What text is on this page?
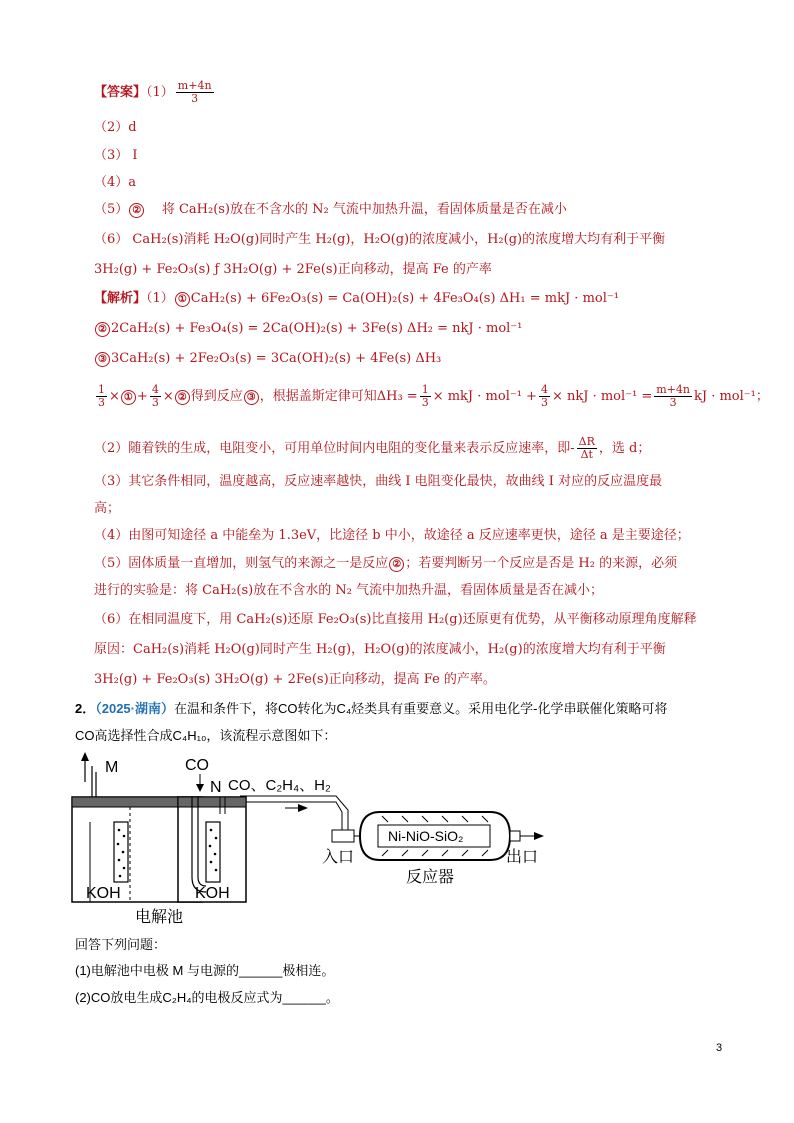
【答案】$(1) \frac{m+4n}{3}$
（2）d
（3） I
（4）a
（5） ② 将 CaH₂(s)放在不含水的 N₂ 气流中加热升温，看固体质量是否在减小
（6） CaH₂(s)消耗 H₂O(g)同时产生 H₂(g)，H₂O(g)的浓度减小，H₂(g)的浓度增大均有利于平衡
3H₂(g) + Fe₂O₃(s) ƒ 3H₂O(g) + 2Fe(s)正向移动，提高 Fe 的产率
【解析】（1） ① CaH₂(s) + 6Fe₂O₃(s) = Ca(OH)₂(s) + 4Fe₃O₄(s) ΔH₁ = mkJ · mol⁻¹
② 2CaH₂(s) + Fe₃O₄(s) = 2Ca(OH)₂(s) + 3Fe(s) ΔH₂ = nkJ · mol⁻¹
③ 3CaH₂(s) + 2Fe₂O₃(s) = 3Ca(OH)₂(s) + 4Fe(s) ΔH₃
$\frac{1}{3}$ × ① + $\frac{4}{3}$ × ② 得到反应 ③ ，根据盖斯定律可知$\Delta H_3 = \frac{1}{3}$ × mkJ · $mol^{-1} + \frac{4}{3}$ × nkJ · $mol^{-1} = \frac{m+4n}{3}$ kJ · mol⁻¹；
（2）随着铁的生成，电阻变小，可用单位时间内电阻的变化量来表示反应速率，即- $\frac{\Delta R}{\Delta t}$ ，选 d；
（3）其它条件相同，温度越高，反应速率越快，曲线 I 电阻变化最快，故曲线 I 对应的反应温度最
高；
（4）由图可知途径 a 中能垒为 1.3eV，比途径 b 中小，故途径 a 反应速率更快，途径 a 是主要途径；
（5）固体质量一直增加，则氢气的来源之一是反应 ② ；若要判断另一个反应是否是 H₂ 的来源，必须
进行的实验是：将 CaH₂(s)放在不含水的 N₂ 气流中加热升温，看固体质量是否在减小；
（6）在相同温度下，用 CaH₂(s)还原 Fe₂O₃(s)比直接用 H₂(g)还原更有优势，从平衡移动原理角度解释
原因：CaH₂(s)消耗 H₂O(g)同时产生 H₂(g)，H₂O(g)的浓度减小，H₂(g)的浓度增大均有利于平衡
3H₂(g) + Fe₂O₃(s) 3H₂O(g) + 2Fe(s)正向移动，提高 Fe 的产率。
2．（2025·湖南）在温和条件下，将CO转化为C₄烃类具有重要意义。采用电化学-化学串联催化策略可将
CO高选择性合成C₄H₁₀，该流程示意图如下：
M
KOH
CO
N
KOH
电解池
CO、C₂H₄、H₂
Ni-NiO-SiO₂
入口	出口
反应器
回答下列问题：
(1)电解池中电极 M 与电源的______极相连。
(2)CO放电生成C₂H₄的电极反应式为______。
3
